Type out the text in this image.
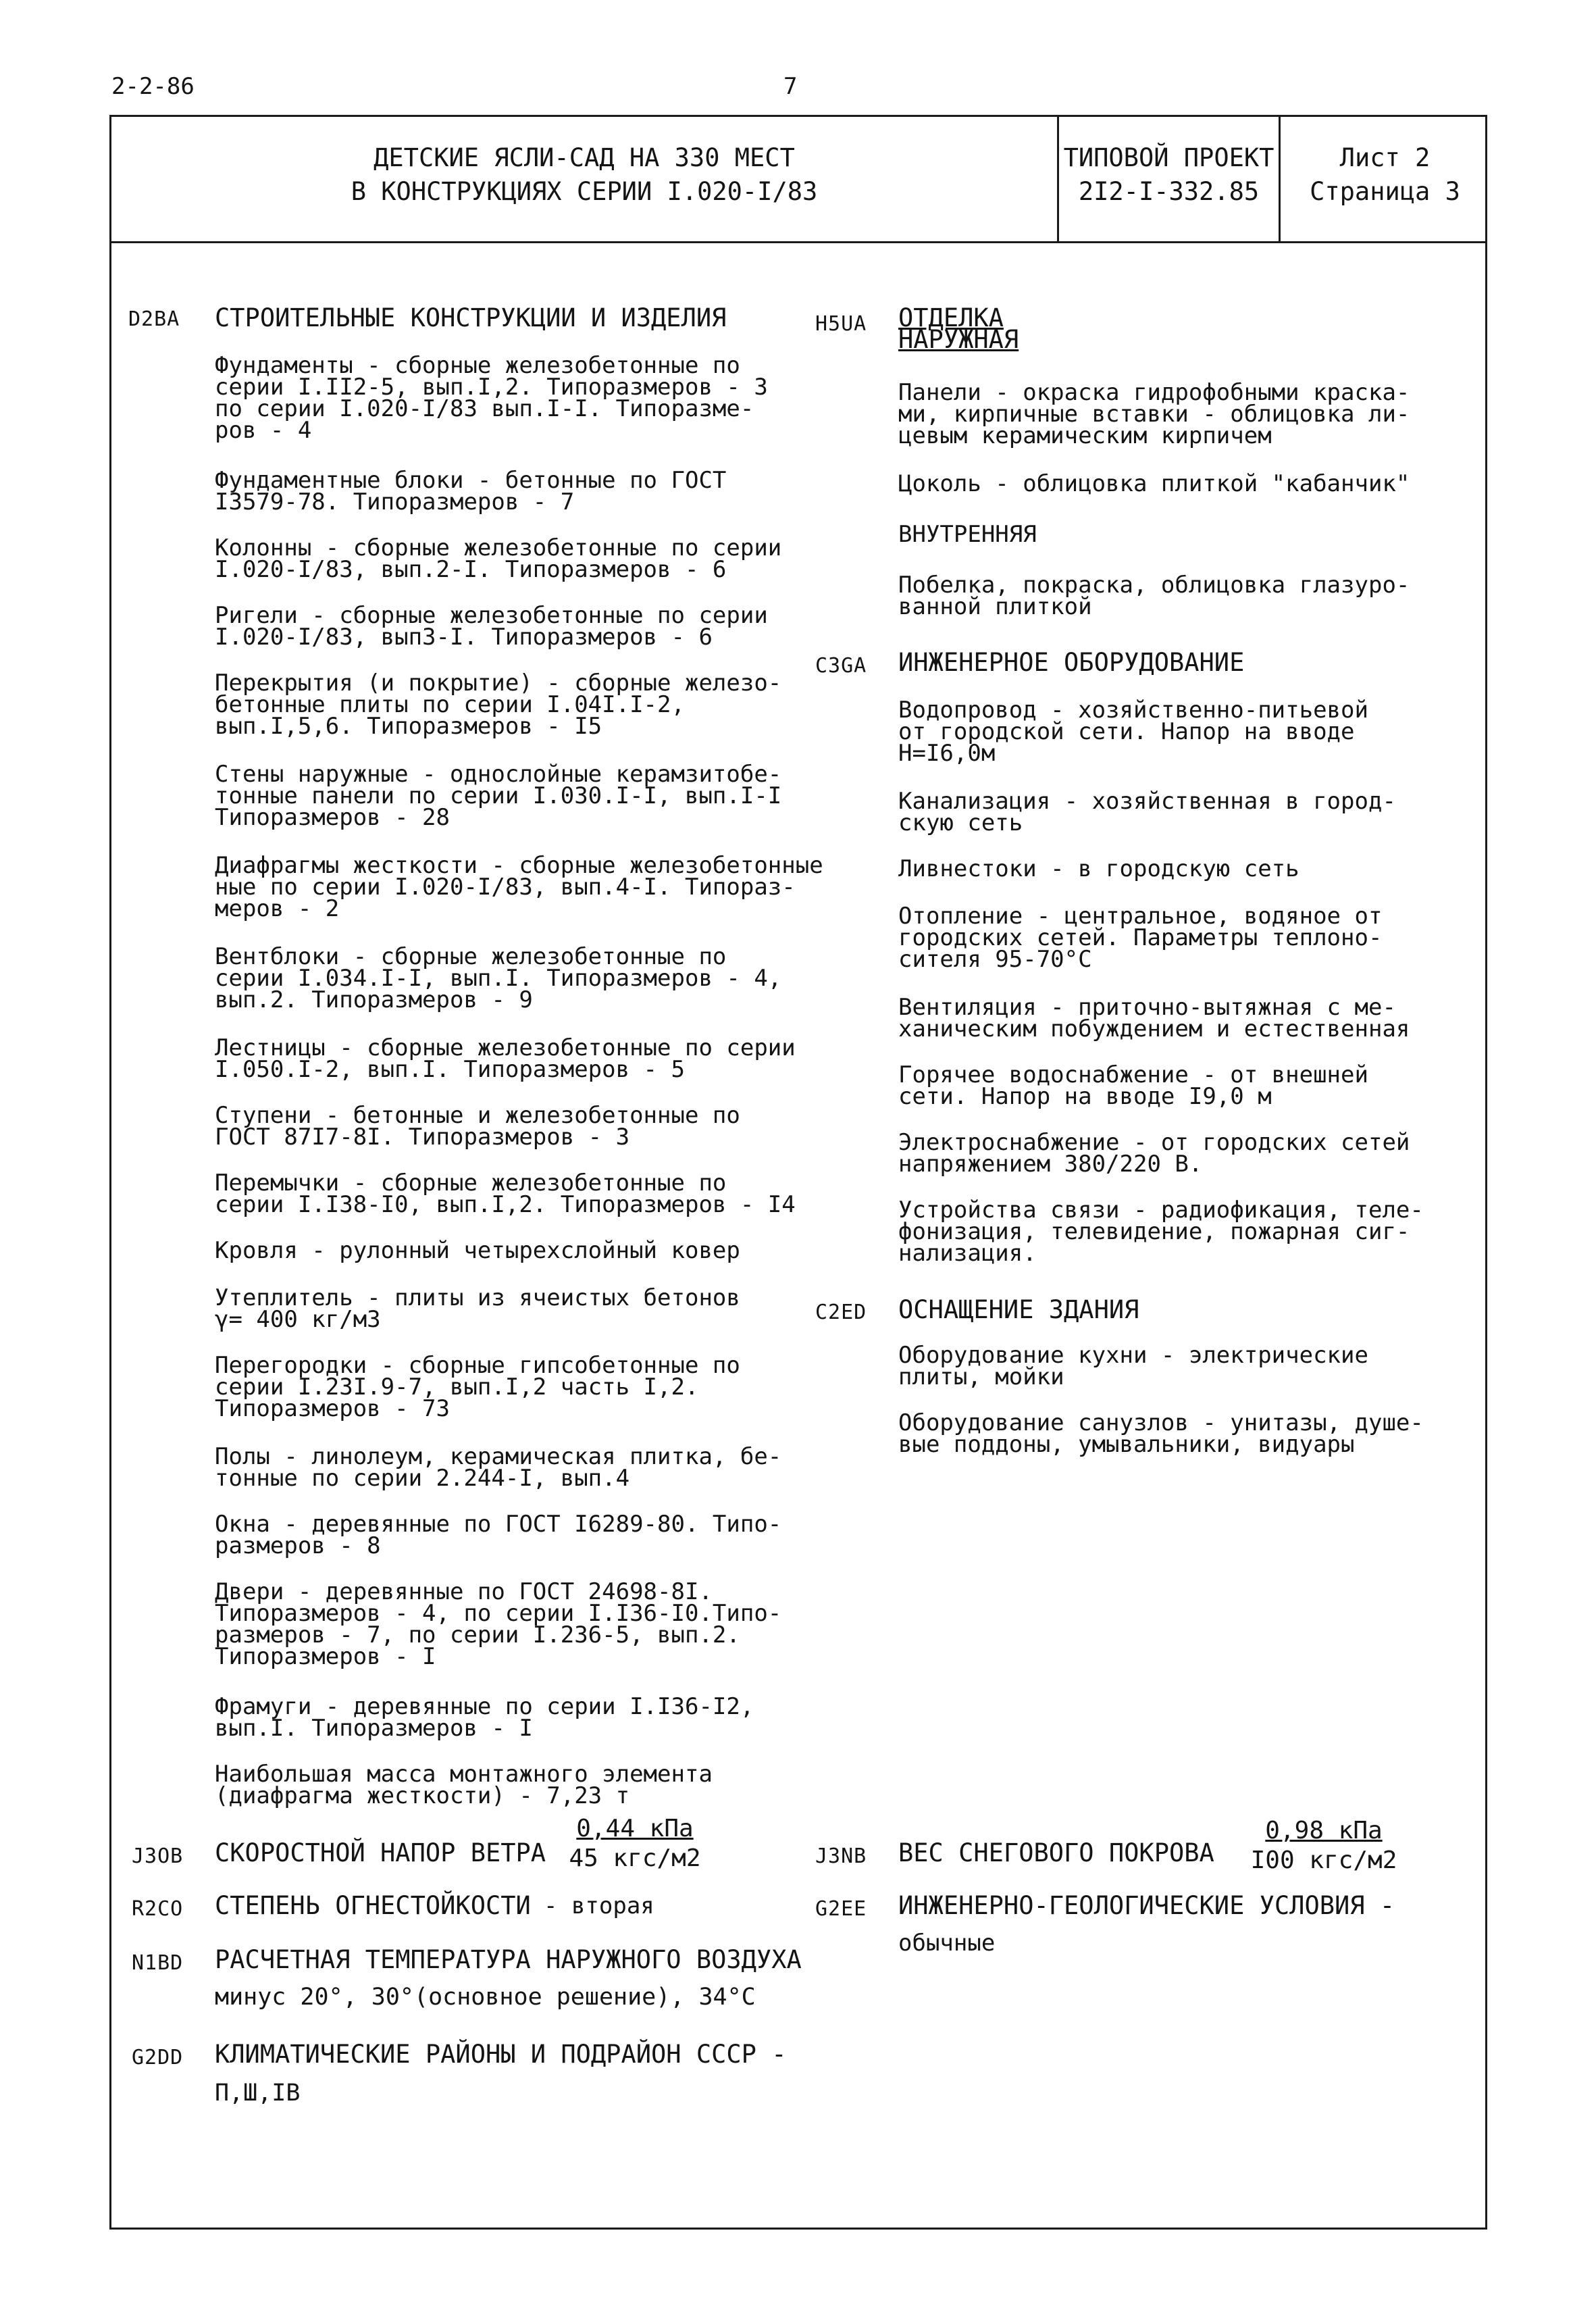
2-2-86	7
ДЕТСКИЕ ЯСЛИ-САД НА 330 МЕСТ
В КОНСТРУКЦИЯХ СЕРИИ I.020-I/83
ТИПОВОЙ ПРОЕКТ
2I2-I-332.85
Лист 2
Страница 3
D2BA СТРОИТЕЛЬНЫЕ КОНСТРУКЦИИ И ИЗДЕЛИЯ
Фундаменты - сборные железобетонные по
серии I.II2-5, вып.I,2. Типоразмеров - 3
по серии I.020-I/83 вып.I-I. Типоразме-
ров - 4
Фундаментные блоки - бетонные по ГОСТ
I3579-78. Типоразмеров - 7
Колонны - сборные железобетонные по серии
I.020-I/83, вып.2-I. Типоразмеров - 6
Ригели - сборные железобетонные по серии
I.020-I/83, вып3-I. Типоразмеров - 6
Перекрытия (и покрытие) - сборные железо-
бетонные плиты по серии I.04I.I-2,
вып.I,5,6. Типоразмеров - I5
Стены наружные - однослойные керамзитобе-
тонные панели по серии I.030.I-I, вып.I-I
Типоразмеров - 28
Диафрагмы жесткости - сборные железобетонные
ные по серии I.020-I/83, вып.4-I. Типораз-
меров - 2
Вентблоки - сборные железобетонные по
серии I.034.I-I, вып.I. Типоразмеров - 4,
вып.2. Типоразмеров - 9
Лестницы - сборные железобетонные по серии
I.050.I-2, вып.I. Типоразмеров - 5
Ступени - бетонные и железобетонные по
ГОСТ 87I7-8I. Типоразмеров - 3
Перемычки - сборные железобетонные по
серии I.I38-I0, вып.I,2. Типоразмеров - I4
Кровля - рулонный четырехслойный ковер
Утеплитель - плиты из ячеистых бетонов
γ= 400 кг/м3
Перегородки - сборные гипсобетонные по
серии I.23I.9-7, вып.I,2 часть I,2.
Типоразмеров - 73
Полы - линолеум, керамическая плитка, бе-
тонные по серии 2.244-I, вып.4
Окна - деревянные по ГОСТ I6289-80. Типо-
размеров - 8
Двери - деревянные по ГОСТ 24698-8I.
Типоразмеров - 4, по серии I.I36-I0.Типо-
размеров - 7, по серии I.236-5, вып.2.
Типоразмеров - I
Фрамуги - деревянные по серии I.I36-I2,
вып.I. Типоразмеров - I
Наибольшая масса монтажного элемента
(диафрагма жесткости) - 7,23 т
H5UA ОТДЕЛКА
НАРУЖНАЯ
Панели - окраска гидрофобными краска-
ми, кирпичные вставки - облицовка ли-
цевым керамическим кирпичем
Цоколь - облицовка плиткой "кабанчик"
ВНУТРЕННЯЯ
Побелка, покраска, облицовка глазуро-
ванной плиткой
C3GA ИНЖЕНЕРНОЕ ОБОРУДОВАНИЕ
Водопровод - хозяйственно-питьевой
от городской сети. Напор на вводе
Н=I6,0м
Канализация - хозяйственная в город-
скую сеть
Ливнестоки - в городскую сеть
Отопление - центральное, водяное от
городских сетей. Параметры теплоно-
сителя 95-70°С
Вентиляция - приточно-вытяжная с ме-
ханическим побуждением и естественная
Горячее водоснабжение - от внешней
сети. Напор на вводе I9,0 м
Электроснабжение - от городских сетей
напряжением 380/220 В.
Устройства связи - радиофикация, теле-
фонизация, телевидение, пожарная сиг-
нализация.
C2ED ОСНАЩЕНИЕ ЗДАНИЯ
Оборудование кухни - электрические
плиты, мойки
Оборудование санузлов - унитазы, душе-
вые поддоны, умывальники, видуары
J3OB СКОРОСТНОЙ НАПОР ВЕТРА
0,44 кПа
45 кгс/м2	J3NB ВЕС СНЕГОВОГО ПОКРОВА
0,98 кПа
I00 кгс/м2
R2CO СТЕПЕНЬ ОГНЕСТОЙКОСТИ - вторая	G2EE ИНЖЕНЕРНО-ГЕОЛОГИЧЕСКИЕ УСЛОВИЯ -
обычные
N1BD РАСЧЕТНАЯ ТЕМПЕРАТУРА НАРУЖНОГО ВОЗДУХА
минус 20°, 30°(основное решение), 34°С
G2DD КЛИМАТИЧЕСКИЕ РАЙОНЫ И ПОДРАЙОН СССР -
П,Ш,IВ
